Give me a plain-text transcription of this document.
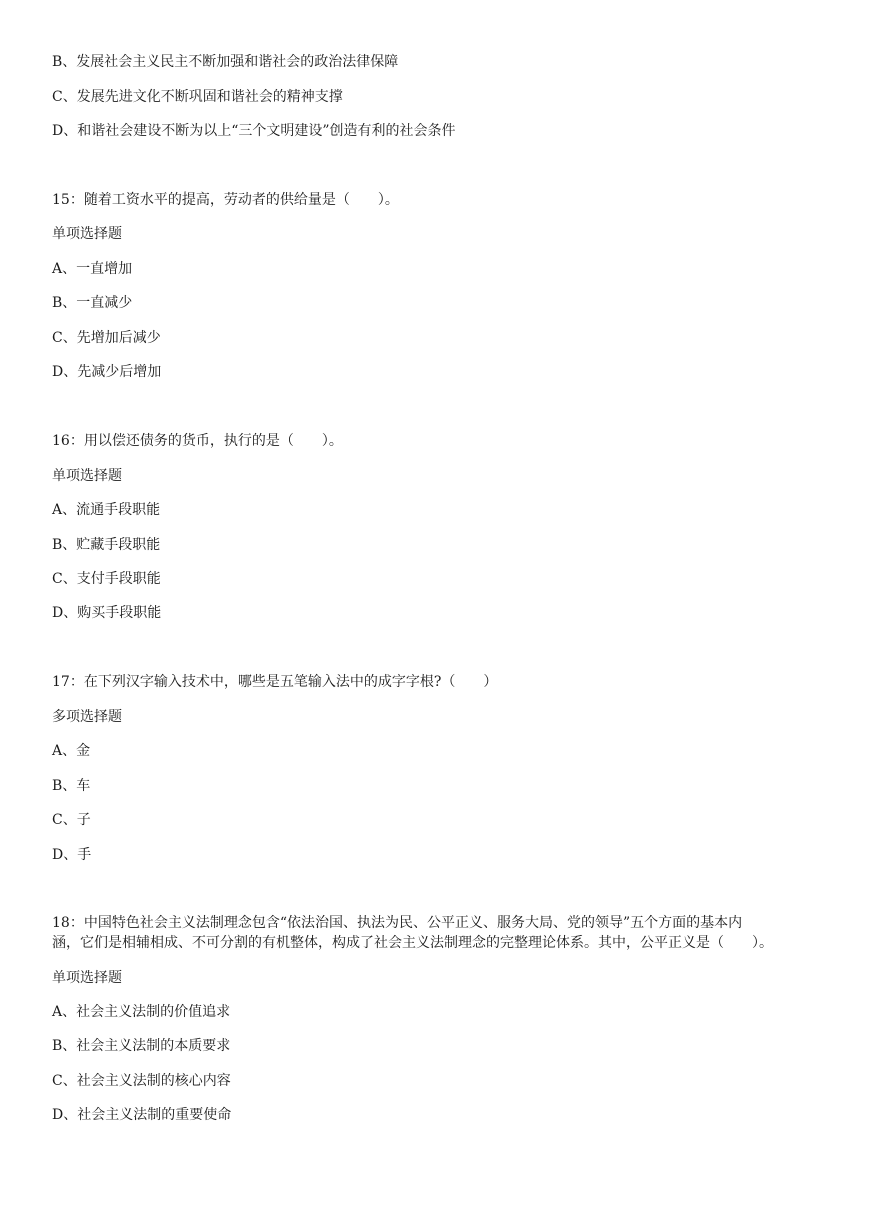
B、发展社会主义民主不断加强和谐社会的政治法律保障
C、发展先进文化不断巩固和谐社会的精神支撑
D、和谐社会建设不断为以上“三个文明建设”创造有利的社会条件
15：随着工资水平的提高，劳动者的供给量是（　　）。
单项选择题
A、一直增加
B、一直减少
C、先增加后减少
D、先减少后增加
16：用以偿还债务的货币，执行的是（　　）。
单项选择题
A、流通手段职能
B、贮藏手段职能
C、支付手段职能
D、购买手段职能
17：在下列汉字输入技术中，哪些是五笔输入法中的成字字根?（　　）
多项选择题
A、金
B、车
C、子
D、手
18：中国特色社会主义法制理念包含“依法治国、执法为民、公平正义、服务大局、党的领导”五个方面的基本内
涵，它们是相辅相成、不可分割的有机整体，构成了社会主义法制理念的完整理论体系。其中，公平正义是（　　）。
单项选择题
A、社会主义法制的价值追求
B、社会主义法制的本质要求
C、社会主义法制的核心内容
D、社会主义法制的重要使命
